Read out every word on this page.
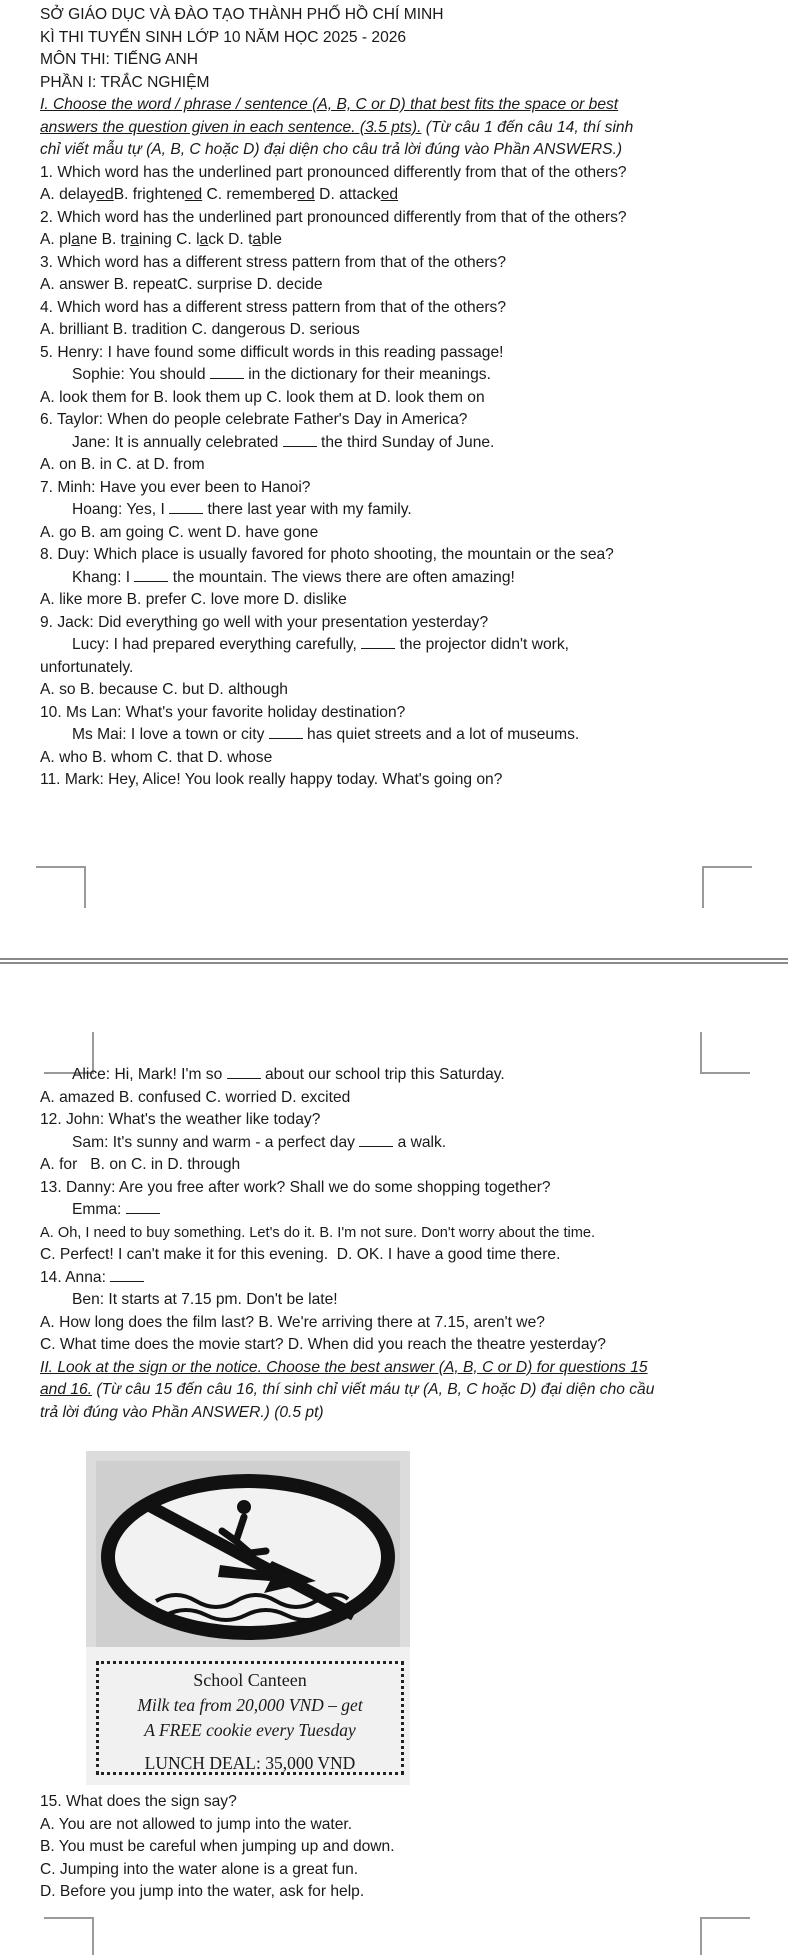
SỞ GIÁO DỤC VÀ ĐÀO TẠO THÀNH PHỐ HỒ CHÍ MINH
KÌ THI TUYỂN SINH LỚP 10 NĂM HỌC 2025 - 2026
MÔN THI: TIẾNG ANH
PHẦN I: TRẮC NGHIỆM
I. Choose the word / phrase / sentence (A, B, C or D) that best fits the space or best
answers the question given in each sentence. (3.5 pts). (Từ câu 1 đến câu 14, thí sinh
chỉ viết mẫu tự (A, B, C hoặc D) đại diện cho câu trả lời đúng vào Phần ANSWERS.)
1. Which word has the underlined part pronounced differently from that of the others?
A. delayedB. frightened C. remembered D. attacked
2. Which word has the underlined part pronounced differently from that of the others?
A. plane B. training C. lack D. table
3. Which word has a different stress pattern from that of the others?
A. answer B. repeatC. surprise D. decide
4. Which word has a different stress pattern from that of the others?
A. brilliant B. tradition C. dangerous D. serious
5. Henry: I have found some difficult words in this reading passage!
Sophie: You should  in the dictionary for their meanings.
A. look them for B. look them up C. look them at D. look them on
6. Taylor: When do people celebrate Father's Day in America?
Jane: It is annually celebrated  the third Sunday of June.
A. on B. in C. at D. from
7. Minh: Have you ever been to Hanoi?
Hoang: Yes, I  there last year with my family.
A. go B. am going C. went D. have gone
8. Duy: Which place is usually favored for photo shooting, the mountain or the sea?
Khang: I  the mountain. The views there are often amazing!
A. like more B. prefer C. love more D. dislike
9. Jack: Did everything go well with your presentation yesterday?
Lucy: I had prepared everything carefully,  the projector didn't work,
unfortunately.
A. so B. because C. but D. although
10. Ms Lan: What's your favorite holiday destination?
Ms Mai: I love a town or city  has quiet streets and a lot of museums.
A. who B. whom C. that D. whose
11. Mark: Hey, Alice! You look really happy today. What's going on?
Alice: Hi, Mark! I'm so  about our school trip this Saturday.
A. amazed B. confused C. worried D. excited
12. John: What's the weather like today?
Sam: It's sunny and warm - a perfect day  a walk.
A. for   B. on C. in D. through
13. Danny: Are you free after work? Shall we do some shopping together?
Emma:
A. Oh, I need to buy something. Let's do it. B. I'm not sure. Don't worry about the time.
C. Perfect! I can't make it for this evening.  D. OK. I have a good time there.
14. Anna:
Ben: It starts at 7.15 pm. Don't be late!
A. How long does the film last? B. We're arriving there at 7.15, aren't we?
C. What time does the movie start? D. When did you reach the theatre yesterday?
II. Look at the sign or the notice. Choose the best answer (A, B, C or D) for questions 15
and 16. (Từ câu 15 đến câu 16, thí sinh chỉ viết máu tự (A, B, C hoặc D) đại diện cho cầu
trả lời đúng vào Phần ANSWER.) (0.5 pt)
School Canteen
Milk tea from 20,000 VND – get
A FREE cookie every Tuesday
LUNCH DEAL: 35,000 VND
15. What does the sign say?
A. You are not allowed to jump into the water.
B. You must be careful when jumping up and down.
C. Jumping into the water alone is a great fun.
D. Before you jump into the water, ask for help.
